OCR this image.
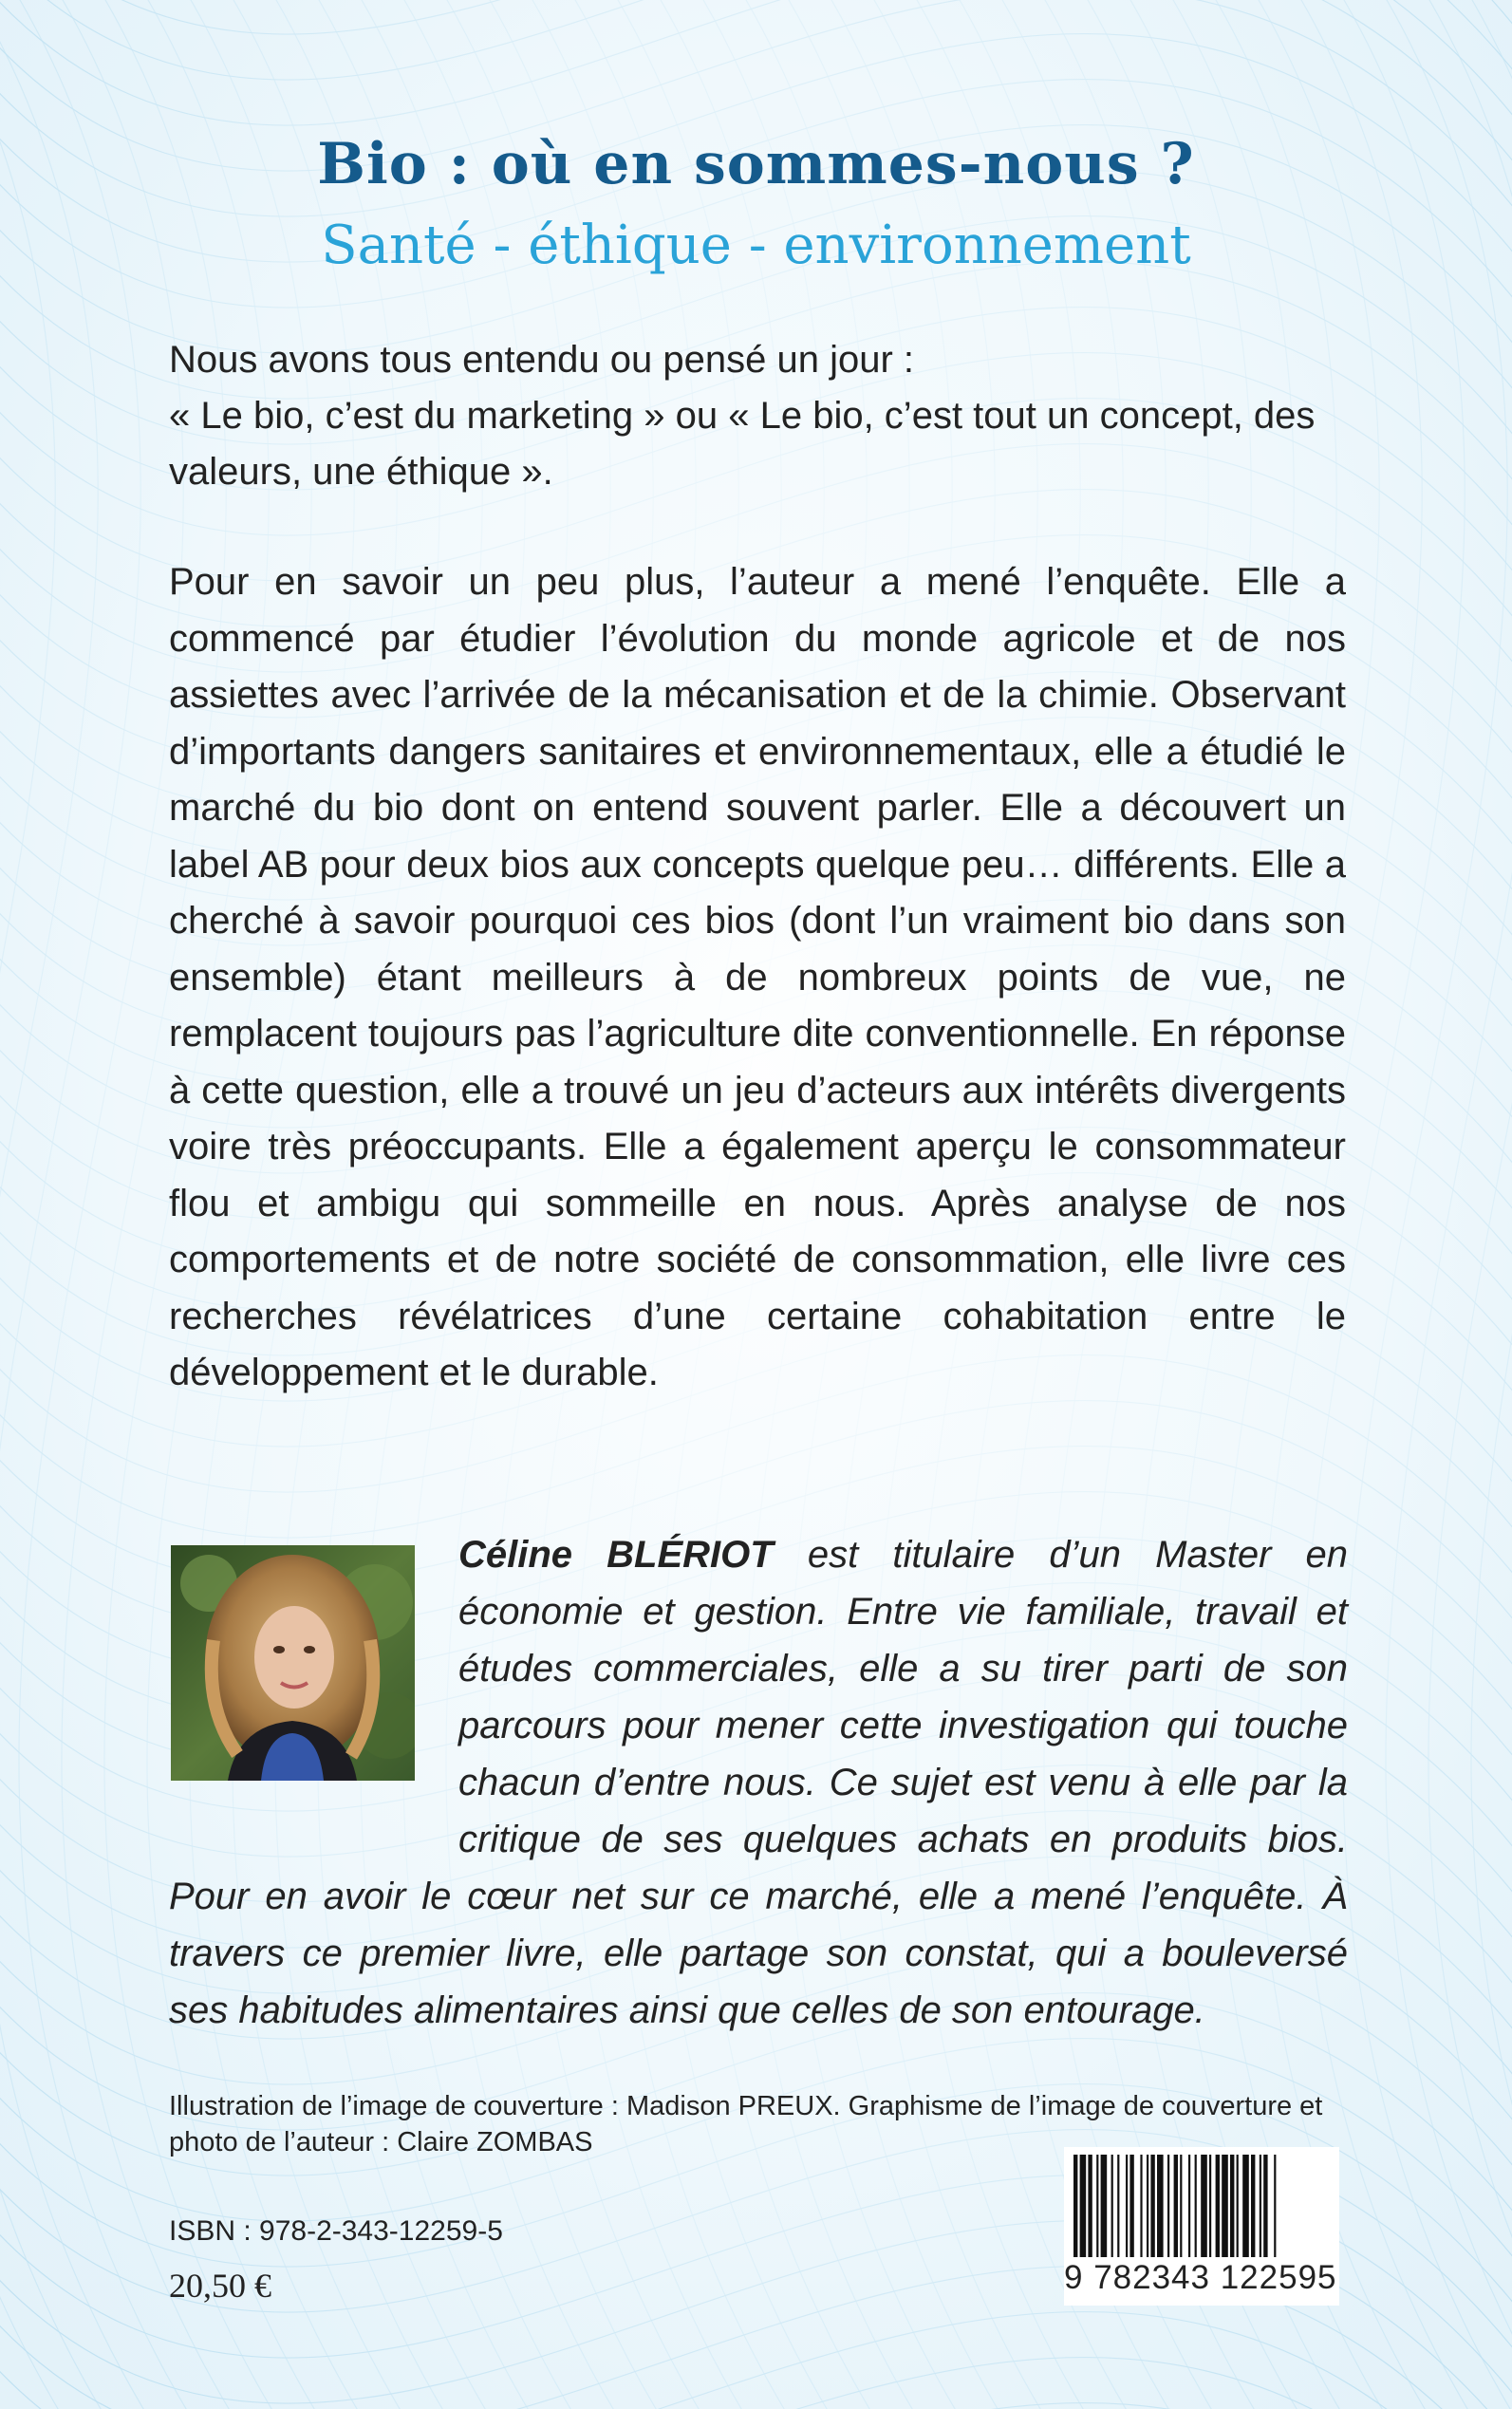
Bio : où en sommes-nous ?
Santé - éthique - environnement
Nous avons tous entendu ou pensé un jour :
« Le bio, c’est du marketing » ou « Le bio, c’est tout un concept, des valeurs, une éthique ».

Pour en savoir un peu plus, l’auteur a mené l’enquête. Elle a commencé par étudier l’évolution du monde agricole et de nos assiettes avec l’arrivée de la mécanisation et de la chimie. Observant d’importants dangers sanitaires et environnementaux, elle a étudié le marché du bio dont on entend souvent parler. Elle a découvert un label AB pour deux bios aux concepts quelque peu… différents. Elle a cherché à savoir pourquoi ces bios (dont l’un vraiment bio dans son ensemble) étant meilleurs à de nombreux points de vue, ne remplacent toujours pas l’agriculture dite conventionnelle. En réponse à cette question, elle a trouvé un jeu d’acteurs aux intérêts divergents voire très préoccupants. Elle a également aperçu le consommateur flou et ambigu qui sommeille en nous. Après analyse de nos comportements et de notre société de consommation, elle livre ces recherches révélatrices d’une certaine cohabitation entre le développement et le durable.

Céline BLÉRIOT est titulaire d’un Master en économie et gestion. Entre vie familiale, travail et études commerciales, elle a su tirer parti de son parcours pour mener cette investigation qui touche chacun d’entre nous. Ce sujet est venu à elle par la critique de ses quelques achats en produits bios. Pour en avoir le cœur net sur ce marché, elle a mené l’enquête. À travers ce premier livre, elle partage son constat, qui a bouleversé ses habitudes alimentaires ainsi que celles de son entourage.

Illustration de l’image de couverture : Madison PREUX. Graphisme de l’image de couverture et photo de l’auteur : Claire ZOMBAS

ISBN : 978-2-343-12259-5
20,50 €	9 782343 122595
